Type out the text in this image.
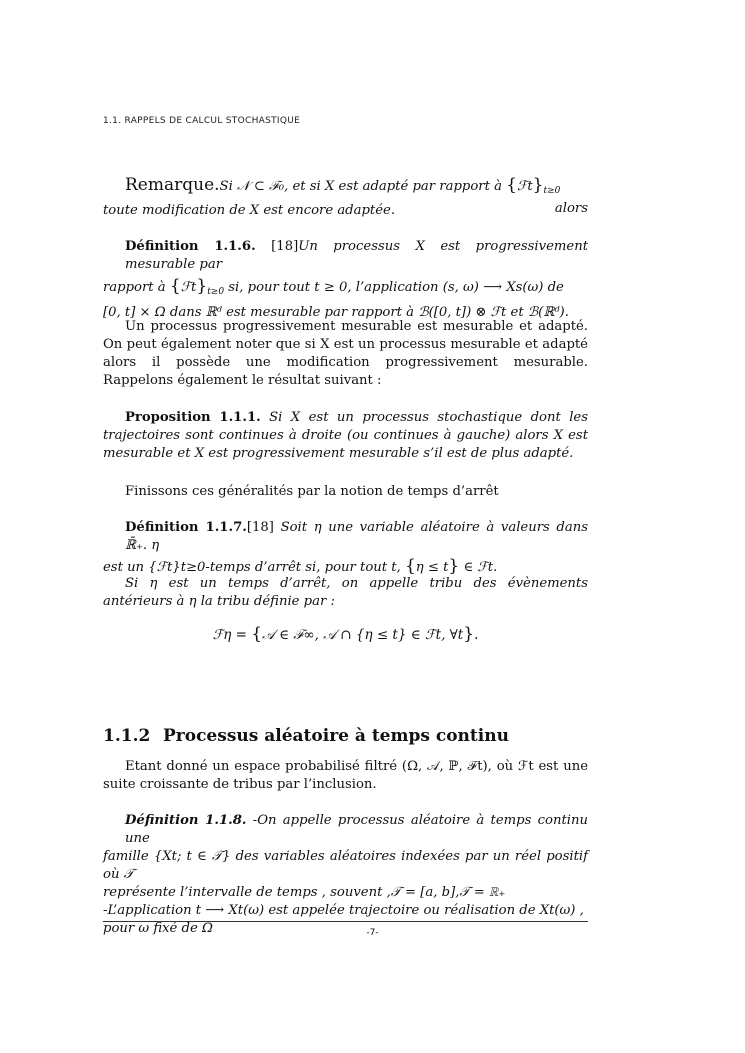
1.1. RAPPELS DE CALCUL STOCHASTIQUE
Remarque.Si 𝒩 ⊂ ℱ₀, et si X est adapté par rapport à $\{ℱt\}_{t\ge 0}$
alors
toute modification de X est encore adaptée.
Définition 1.1.6. [18]Un processus X est progressivement mesurable par
rapport à $\{ℱt\}_{t\ge 0}$ si, pour tout t ≥ 0, l’application (s, ω) ⟶ Xs(ω) de
[0, t] × Ω dans ℝᵈ est mesurable par rapport à ℬ([0, t]) ⊗ ℱt et ℬ(ℝᵈ).
Un processus progressivement mesurable est mesurable et adapté. On peut également noter que si X est un processus mesurable et adapté alors il possède une modification progressivement mesurable. Rappelons également le résultat suivant :
Proposition 1.1.1. Si X est un processus stochastique dont les trajectoires sont continues à droite (ou continues à gauche) alors X est mesurable et X est progressivement mesurable s’il est de plus adapté.
Finissons ces généralités par la notion de temps d’arrêt
Définition 1.1.7.[18] Soit η une variable aléatoire à valeurs dans ℝ̄₊. η
est un {ℱt}t≥0-temps d’arrêt si, pour tout t, {η ≤ t} ∈ ℱt.
Si η est un temps d’arrêt, on appelle tribu des évènements antérieurs à η la tribu définie par :
ℱη = {𝒜 ∈ ℱ∞, 𝒜 ∩ {η ≤ t} ∈ ℱt, ∀t}.
1.1.2 Processus aléatoire à temps continu
Etant donné un espace probabilisé filtré (Ω, 𝒜, ℙ, ℱt), où ℱt est une suite croissante de tribus par l’inclusion.
Définition 1.1.8. -On appelle processus aléatoire à temps continu une
famille {Xt; t ∈ 𝒯} des variables aléatoires indexées par un réel positif où 𝒯
représente l’intervalle de temps , souvent ,𝒯 = [a, b],𝒯 = ℝ₊
-L’application t ⟶ Xt(ω) est appelée trajectoire ou réalisation de Xt(ω) ,
pour ω fixé de Ω	-7-
